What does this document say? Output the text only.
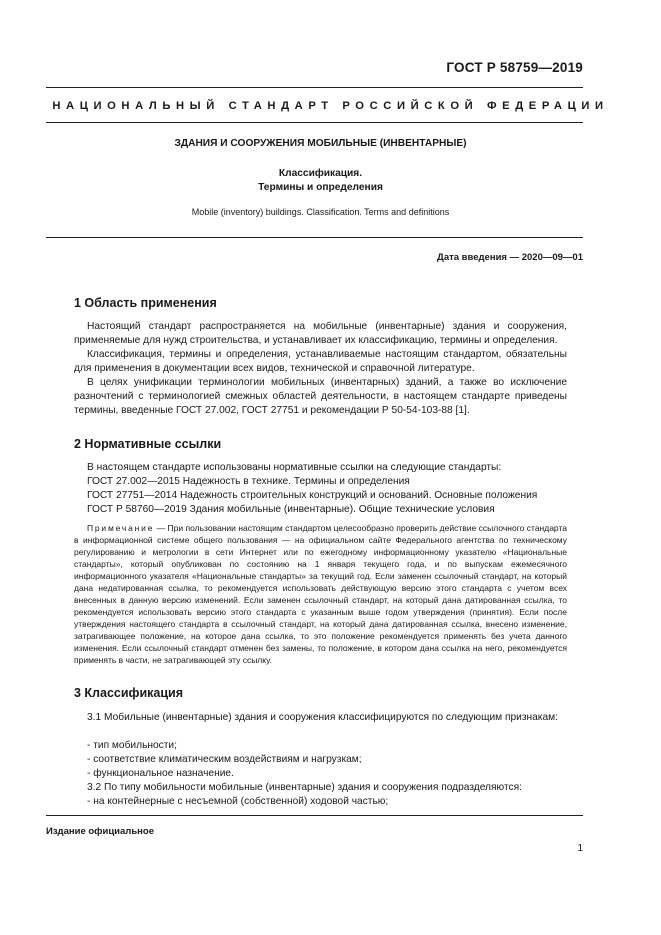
ГОСТ Р 58759—2019
НАЦИОНАЛЬНЫЙ СТАНДАРТ РОССИЙСКОЙ ФЕДЕРАЦИИ
ЗДАНИЯ И СООРУЖЕНИЯ МОБИЛЬНЫЕ (ИНВЕНТАРНЫЕ)
Классификация.
Термины и определения
Mobile (inventory) buildings. Classification. Terms and definitions
Дата введения — 2020—09—01
1 Область применения

Настоящий стандарт распространяется на мобильные (инвентарные) здания и сооружения, применяемые для нужд строительства, и устанавливает их классификацию, термины и определения.

Классификация, термины и определения, устанавливаемые настоящим стандартом, обязательны для применения в документации всех видов, технической и справочной литературе.

В целях унификации терминологии мобильных (инвентарных) зданий, а также во исключение разночтений с терминологией смежных областей деятельности, в настоящем стандарте приведены термины, введенные ГОСТ 27.002, ГОСТ 27751 и рекомендации Р 50-54-103-88 [1].

2 Нормативные ссылки
В настоящем стандарте использованы нормативные ссылки на следующие стандарты:
ГОСТ 27.002—2015 Надежность в технике. Термины и определения
ГОСТ 27751—2014 Надежность строительных конструкций и оснований. Основные положения
ГОСТ Р 58760—2019 Здания мобильные (инвентарные). Общие технические условия
Примечание — При пользовании настоящим стандартом целесообразно проверить действие ссылочного стандарта в информационной системе общего пользования — на официальном сайте Федерального агентства по техническому регулированию и метрологии в сети Интернет или по ежегодному информационному указателю «Национальные стандарты», который опубликован по состоянию на 1 января текущего года, и по выпускам ежемесячного информационного указателя «Национальные стандарты» за текущий год. Если заменен ссылочный стандарт, на который дана недатированная ссылка, то рекомендуется использовать действующую версию этого стандарта с учетом всех внесенных в данную версию изменений. Если заменен ссылочный стандарт, на который дана датированная ссылка, то рекомендуется использовать версию этого стандарта с указанным выше годом утверждения (принятия). Если после утверждения настоящего стандарта в ссылочный стандарт, на который дана датированная ссылка, внесено изменение, затрагивающее положение, на которое дана ссылка, то это положение рекомендуется применять без учета данного изменения. Если ссылочный стандарт отменен без замены, то положение, в котором дана ссылка на него, рекомендуется применять в части, не затрагивающей эту ссылку.
3 Классификация

3.1 Мобильные (инвентарные) здания и сооружения классифицируются по следующим признакам:

- тип мобильности;
- соответствие климатическим воздействиям и нагрузкам;
- функциональное назначение.
3.2 По типу мобильности мобильные (инвентарные) здания и сооружения подразделяются:
- на контейнерные с несъемной (собственной) ходовой частью;
Издание официальное
1
